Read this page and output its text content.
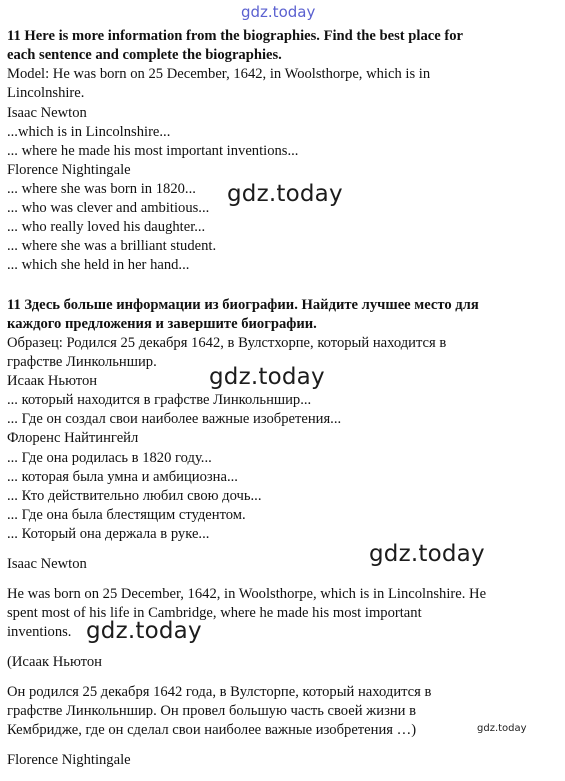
gdz.today
11 Here is more information from the biographies. Find the best place for
each sentence and complete the biographies.
Model: He was born on 25 December, 1642, in Woolsthorpe, which is in
Lincolnshire.
Isaac Newton
...which is in Lincolnshire...
... where he made his most important inventions...
Florence Nightingale
... where she was born in 1820...
... who was clever and ambitious...
... who really loved his daughter...
... where she was a brilliant student.
... which she held in her hand...
gdz.today
11 Здесь больше информации из биографии. Найдите лучшее место для
каждого предложения и завершите биографии.
Образец: Родился 25 декабря 1642, в Вулстхорпе, который находится в
графстве Линкольншир.
Исаак Ньютон
... который находится в графстве Линкольншир...
... Где он создал свои наиболее важные изобретения...
Флоренс Найтингейл
... Где она родилась в 1820 году...
... которая была умна и амбициозна...
... Кто действительно любил свою дочь...
... Где она была блестящим студентом.
... Который она держала в руке...
gdz.today
Isaac Newton	gdz.today
He was born on 25 December, 1642, in Woolsthorpe, which is in Lincolnshire. He
spent most of his life in Cambridge, where he made his most important
inventions. gdz.today
(Исаак Ньютон
Он родился 25 декабря 1642 года, в Вулсторпе, который находится в
графстве Линкольншир. Он провел большую часть своей жизни в
Кембридже, где он сделал свои наиболее важные изобретения …)	gdz.today
Florence Nightingale
